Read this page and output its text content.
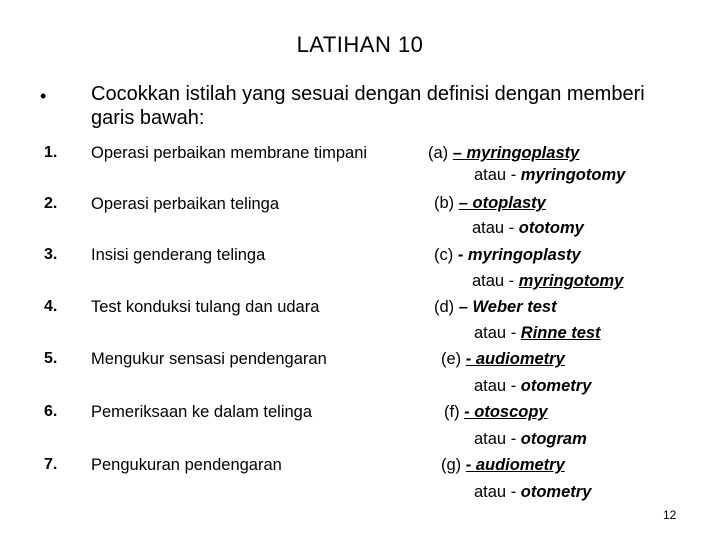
LATIHAN 10
• Cocokkan istilah yang sesuai dengan definisi dengan memberi garis bawah:
1. Operasi perbaikan membrane timpani
2. Operasi perbaikan telinga
3. Insisi genderang telinga
4. Test konduksi tulang dan udara
5. Mengukur sensasi pendengaran
6. Pemeriksaan ke dalam telinga
7. Pengukuran pendengaran
(a) – myringoplasty
atau - myringotomy
(b) – otoplasty
atau - ototomy
(c) - myringoplasty
atau - myringotomy
(d) – Weber test
atau - Rinne test
(e) - audiometry
atau - otometry
(f) - otoscopy
atau - otogram
(g) - audiometry
atau - otometry
12
